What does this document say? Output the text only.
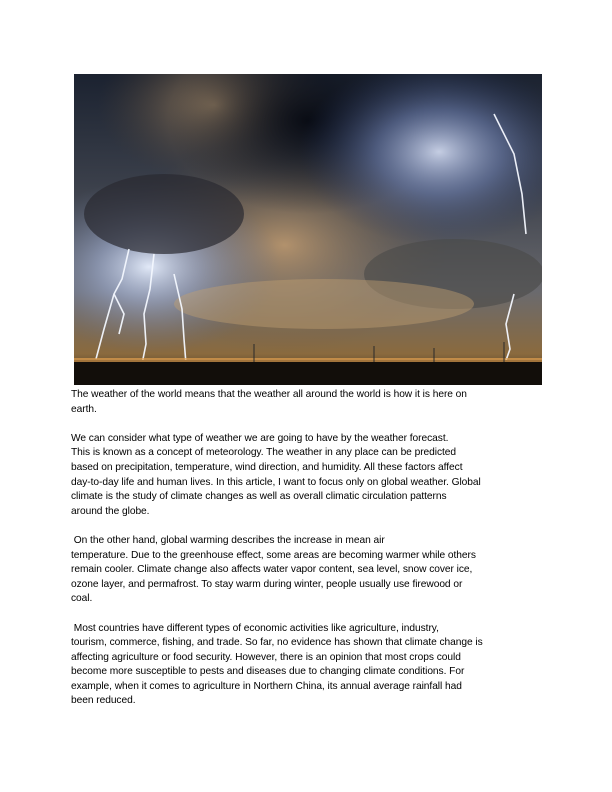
The weather of the world means that the weather all around the world is how it is here on
earth.

We can consider what type of weather we are going to have by the weather forecast.
This is known as a concept of meteorology. The weather in any place can be predicted
based on precipitation, temperature, wind direction, and humidity. All these factors affect
day-to-day life and human lives. In this article, I want to focus only on global weather. Global
climate is the study of climate changes as well as overall climatic circulation patterns
around the globe.

On the other hand, global warming describes the increase in mean air
temperature. Due to the greenhouse effect, some areas are becoming warmer while others
remain cooler. Climate change also affects water vapor content, sea level, snow cover ice,
ozone layer, and permafrost. To stay warm during winter, people usually use firewood or
coal.

Most countries have different types of economic activities like agriculture, industry,
tourism, commerce, fishing, and trade. So far, no evidence has shown that climate change is
affecting agriculture or food security. However, there is an opinion that most crops could
become more susceptible to pests and diseases due to changing climate conditions. For
example, when it comes to agriculture in Northern China, its annual average rainfall had
been reduced.
